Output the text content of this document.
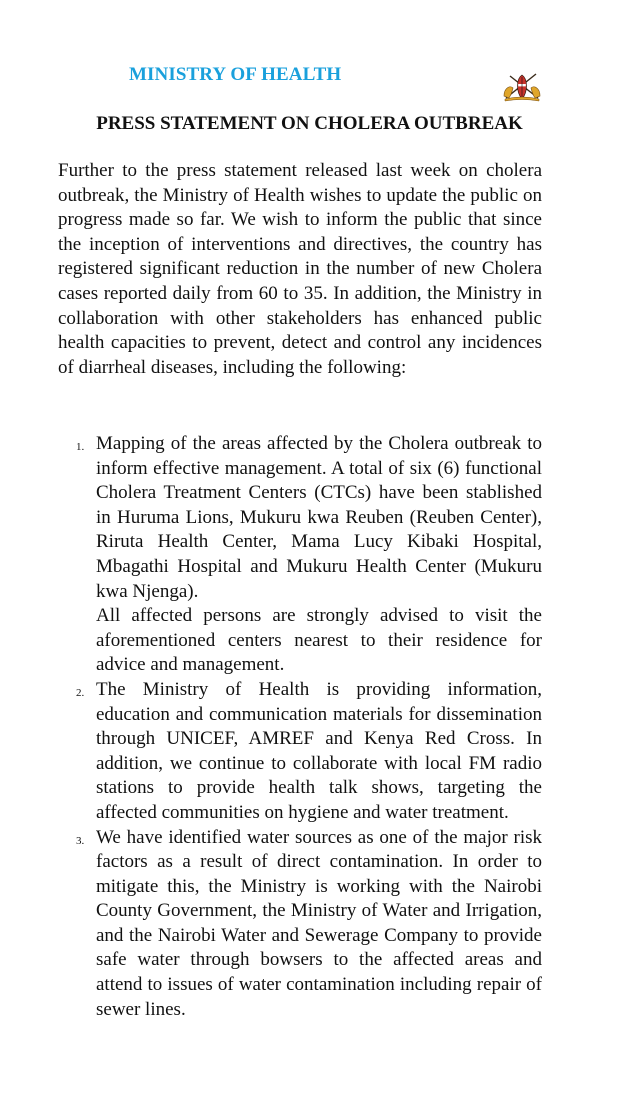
MINISTRY OF HEALTH
PRESS STATEMENT ON CHOLERA OUTBREAK

Further to the press statement released last week on cholera outbreak, the Ministry of Health wishes to update the public on progress made so far. We wish to inform the public that since the inception of interventions and directives, the country has registered significant reduction in the number of new Cholera cases reported daily from 60 to 35. In addition, the Ministry in collaboration with other stakeholders has enhanced public health capacities to prevent, detect and control any incidences of diarrheal diseases, including the following:

1. Mapping of the areas affected by the Cholera outbreak to inform effective management. A total of six (6) functional Cholera Treatment Centers (CTCs) have been stablished in Huruma Lions, Mukuru kwa Reuben (Reuben Center), Riruta Health Center, Mama Lucy Kibaki Hospital, Mbagathi Hospital and Mukuru Health Center (Mukuru kwa Njenga).

All affected persons are strongly advised to visit the aforementioned centers nearest to their residence for advice and management.

2. The Ministry of Health is providing information, education and communication materials for dissemination through UNICEF, AMREF and Kenya Red Cross. In addition, we continue to collaborate with local FM radio stations to provide health talk shows, targeting the affected communities on hygiene and water treatment.

3. We have identified water sources as one of the major risk factors as a result of direct contamination. In order to mitigate this, the Ministry is working with the Nairobi County Government, the Ministry of Water and Irrigation, and the Nairobi Water and Sewerage Company to provide safe water through bowsers to the affected areas and attend to issues of water contamination including repair of sewer lines.
